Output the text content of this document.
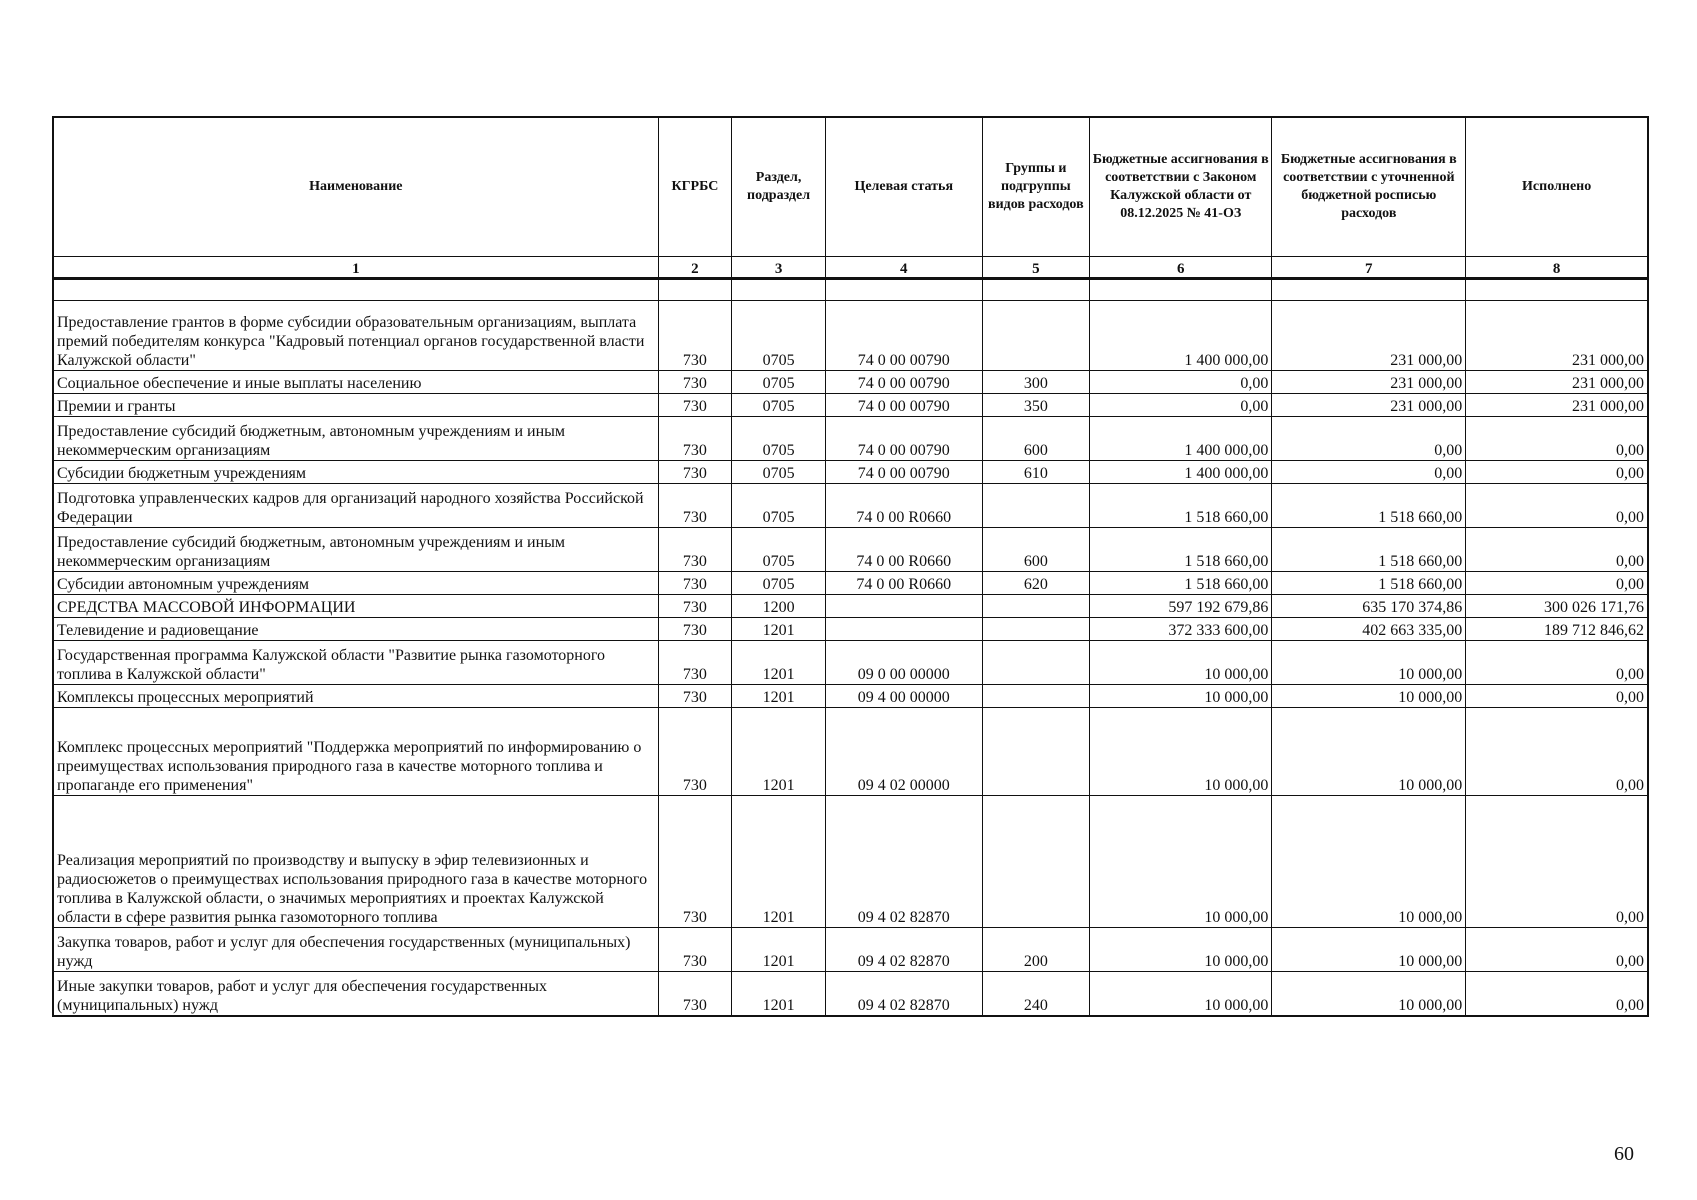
Наименование	КГРБС	Раздел, подраздел	Целевая статья	Группы и подгруппы видов расходов	Бюджетные ассигнования в соответствии с Законом Калужской области от 08.12.2025 № 41-ОЗ	Бюджетные ассигнования в соответствии с уточненной бюджетной росписью расходов	Исполнено
1	2	3	4	5	6	7	8

Предоставление грантов в форме субсидии образовательным организациям, выплата премий победителям конкурса "Кадровый потенциал органов государственной власти Калужской области"	730	0705	74 0 00 00790		1 400 000,00	231 000,00	231 000,00
Социальное обеспечение и иные выплаты населению	730	0705	74 0 00 00790	300	0,00	231 000,00	231 000,00
Премии и гранты	730	0705	74 0 00 00790	350	0,00	231 000,00	231 000,00
Предоставление субсидий бюджетным, автономным учреждениям и иным некоммерческим организациям	730	0705	74 0 00 00790	600	1 400 000,00	0,00	0,00
Субсидии бюджетным учреждениям	730	0705	74 0 00 00790	610	1 400 000,00	0,00	0,00
Подготовка управленческих кадров для организаций народного хозяйства Российской Федерации	730	0705	74 0 00 R0660		1 518 660,00	1 518 660,00	0,00
Предоставление субсидий бюджетным, автономным учреждениям и иным некоммерческим организациям	730	0705	74 0 00 R0660	600	1 518 660,00	1 518 660,00	0,00
Субсидии автономным учреждениям	730	0705	74 0 00 R0660	620	1 518 660,00	1 518 660,00	0,00
СРЕДСТВА МАССОВОЙ ИНФОРМАЦИИ	730	1200			597 192 679,86	635 170 374,86	300 026 171,76
Телевидение и радиовещание	730	1201			372 333 600,00	402 663 335,00	189 712 846,62
Государственная программа Калужской области "Развитие рынка газомоторного топлива в Калужской области"	730	1201	09 0 00 00000		10 000,00	10 000,00	0,00
Комплексы процессных мероприятий	730	1201	09 4 00 00000		10 000,00	10 000,00	0,00
Комплекс процессных мероприятий "Поддержка мероприятий по информированию о преимуществах использования природного газа в качестве моторного топлива и пропаганде его применения"	730	1201	09 4 02 00000		10 000,00	10 000,00	0,00
Реализация мероприятий по производству и выпуску в эфир телевизионных и радиосюжетов о преимуществах использования природного газа в качестве моторного топлива в Калужской области, о значимых мероприятиях и проектах Калужской области в сфере развития рынка газомоторного топлива	730	1201	09 4 02 82870		10 000,00	10 000,00	0,00
Закупка товаров, работ и услуг для обеспечения государственных (муниципальных) нужд	730	1201	09 4 02 82870	200	10 000,00	10 000,00	0,00
Иные закупки товаров, работ и услуг для обеспечения государственных (муниципальных) нужд	730	1201	09 4 02 82870	240	10 000,00	10 000,00	0,00
60
